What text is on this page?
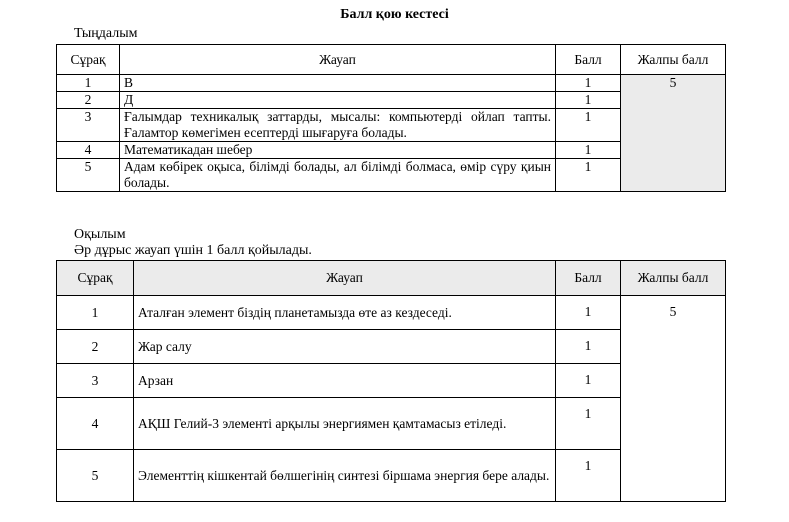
Балл қою кестесі
Тыңдалым
Сұрақ	Жауап	Балл	Жалпы балл
1	В	1	5
2	Д	1	
3	Ғалымдар техникалық заттарды, мысалы: компьютерді ойлап тапты. Ғаламтор көмегімен есептерді шығаруға болады.	1	
4	Математикадан шебер	1	
5	Адам көбірек оқыса, білімді болады, ал білімді болмаса, өмір сүру қиын болады.	1	
Оқылым
Әр дұрыс жауап үшін 1 балл қойылады.
Сұрақ	Жауап	Балл	Жалпы балл
1	Аталған элемент біздің планетамызда өте аз кездеседі.	1	5
2	Жар салу	1	
3	Арзан	1	
4	АҚШ Гелий-3 элементі арқылы энергиямен қамтамасыз етіледі.	1	
5	Элементтің кішкентай бөлшегінің синтезі біршама энергия бере алады.	1	
